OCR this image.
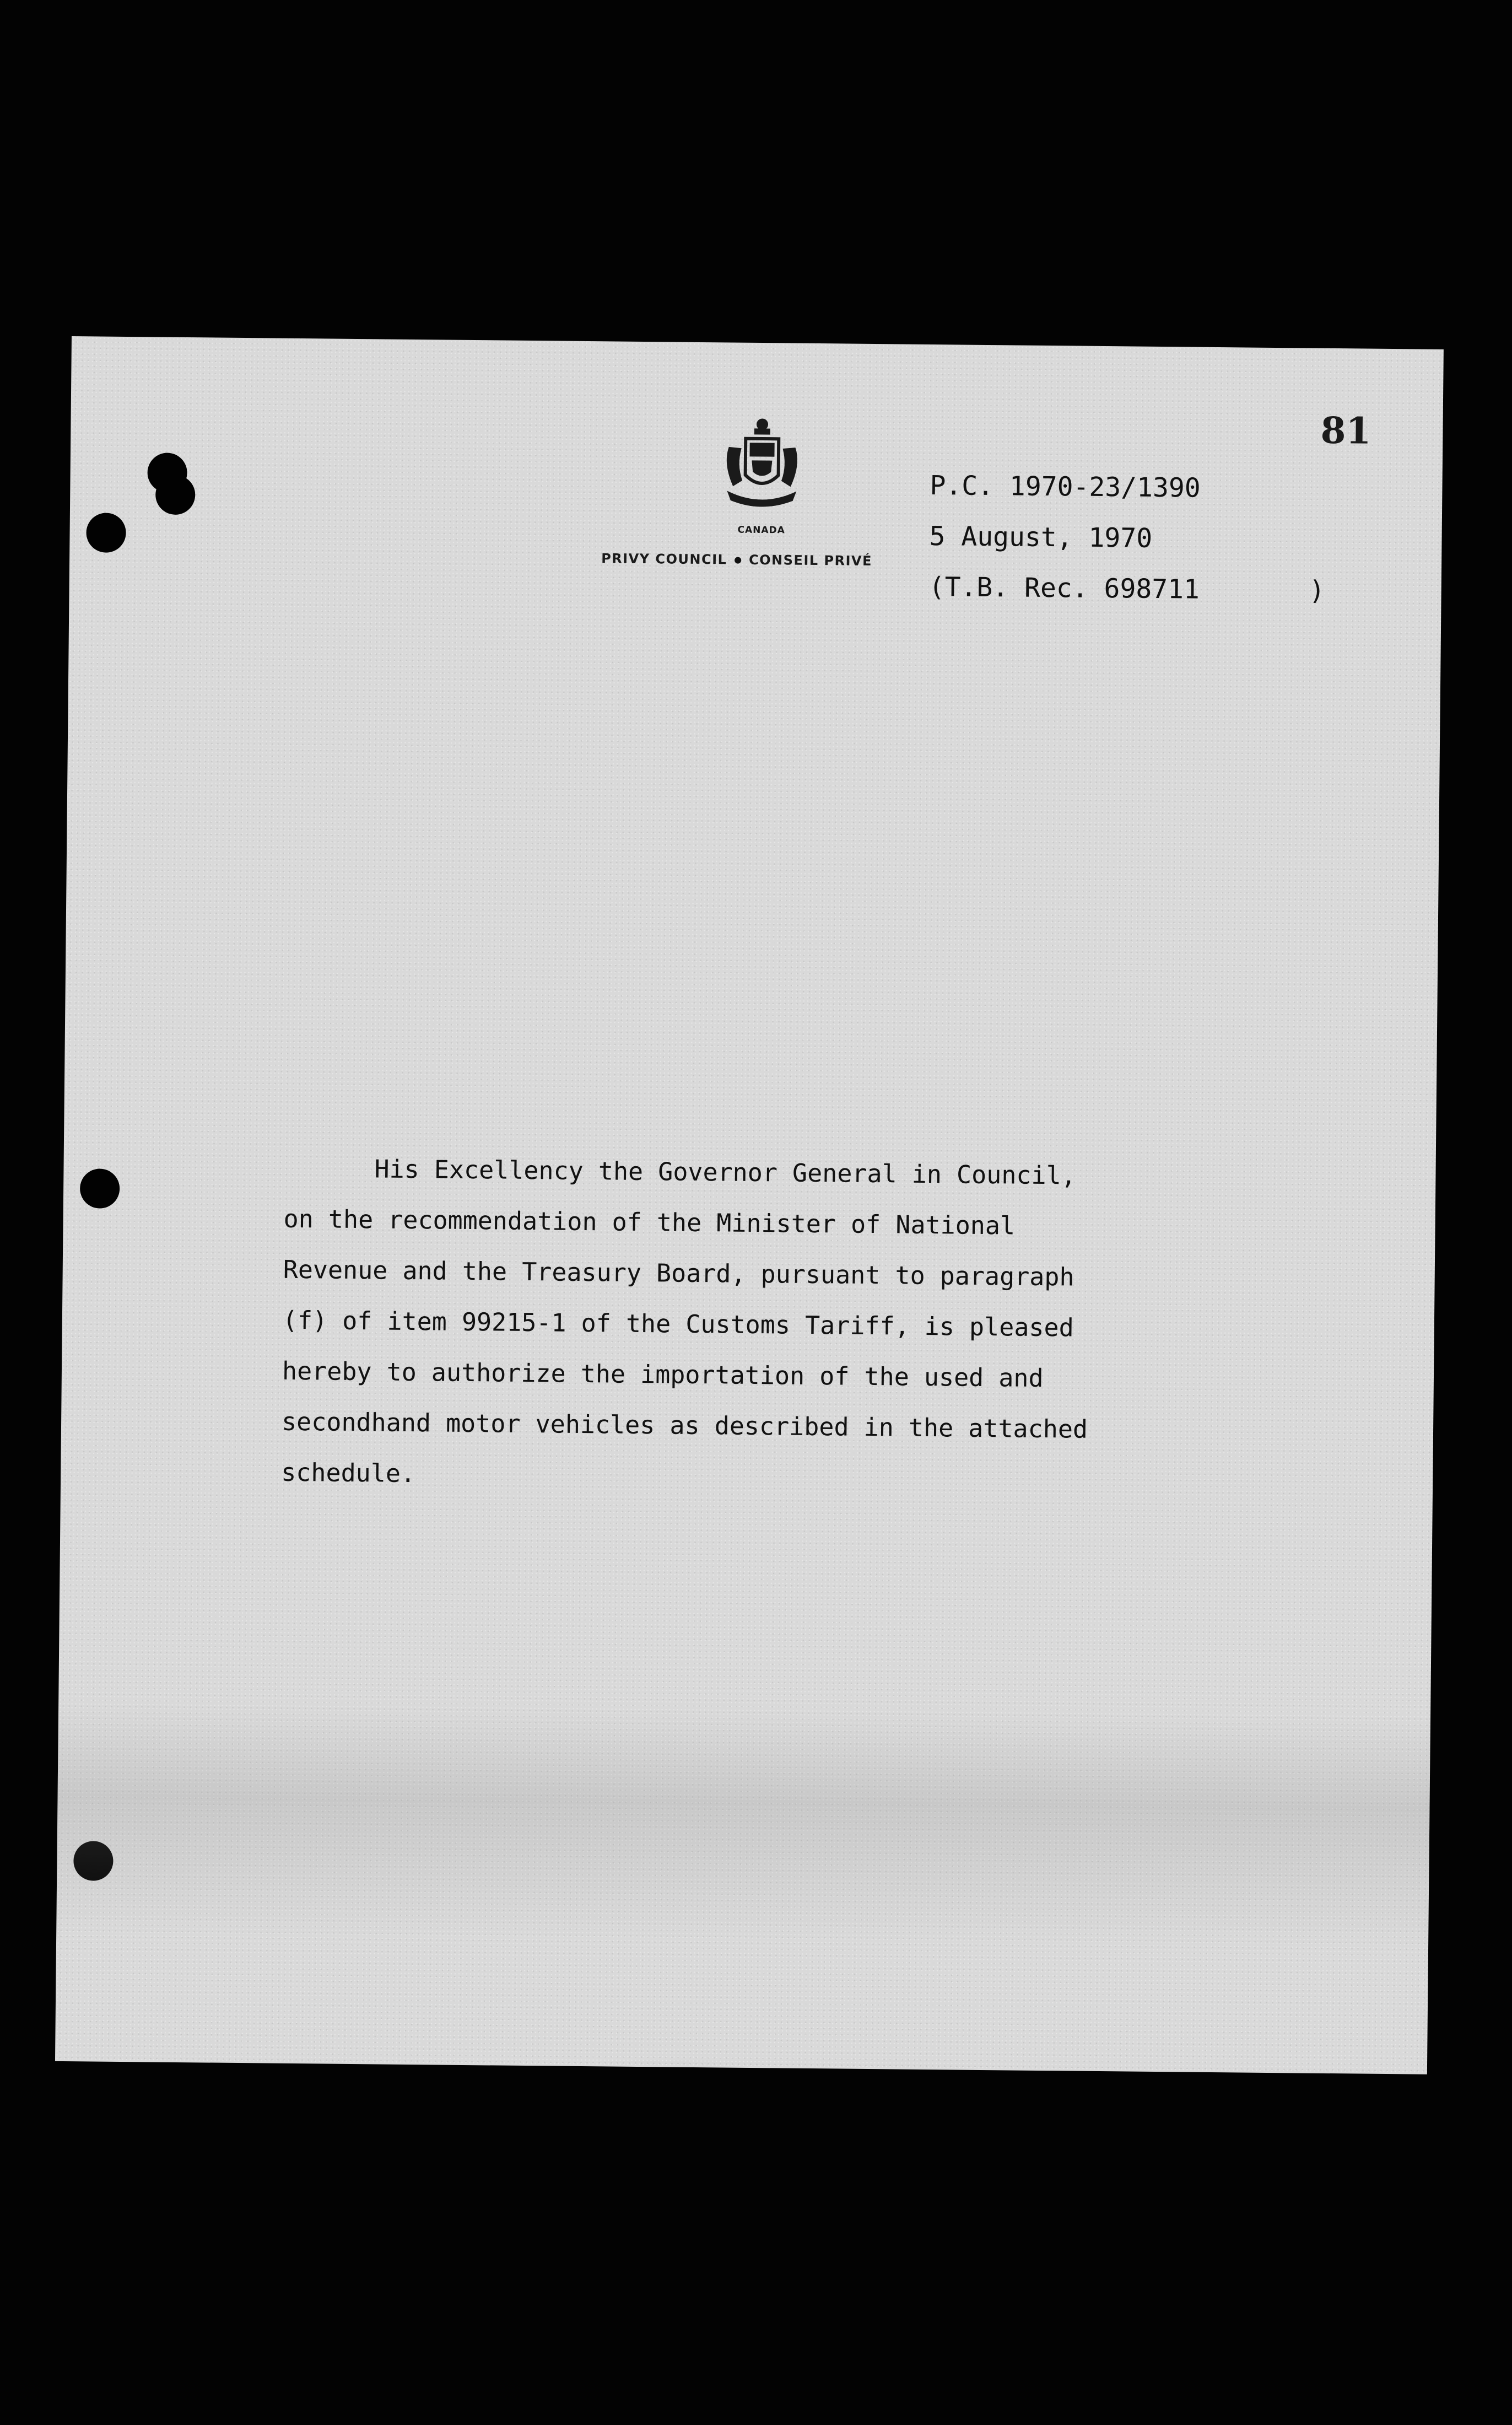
81
CANADA
PRIVY COUNCIL CONSEIL PRIVÉ
P.C. 1970-23/1390
5 August, 1970
(T.B. Rec. 698711	)
His Excellency the Governor General in Council,
on the recommendation of the Minister of National
Revenue and the Treasury Board, pursuant to paragraph
(f) of item 99215-1 of the Customs Tariff, is pleased
hereby to authorize the importation of the used and
secondhand motor vehicles as described in the attached
schedule.
